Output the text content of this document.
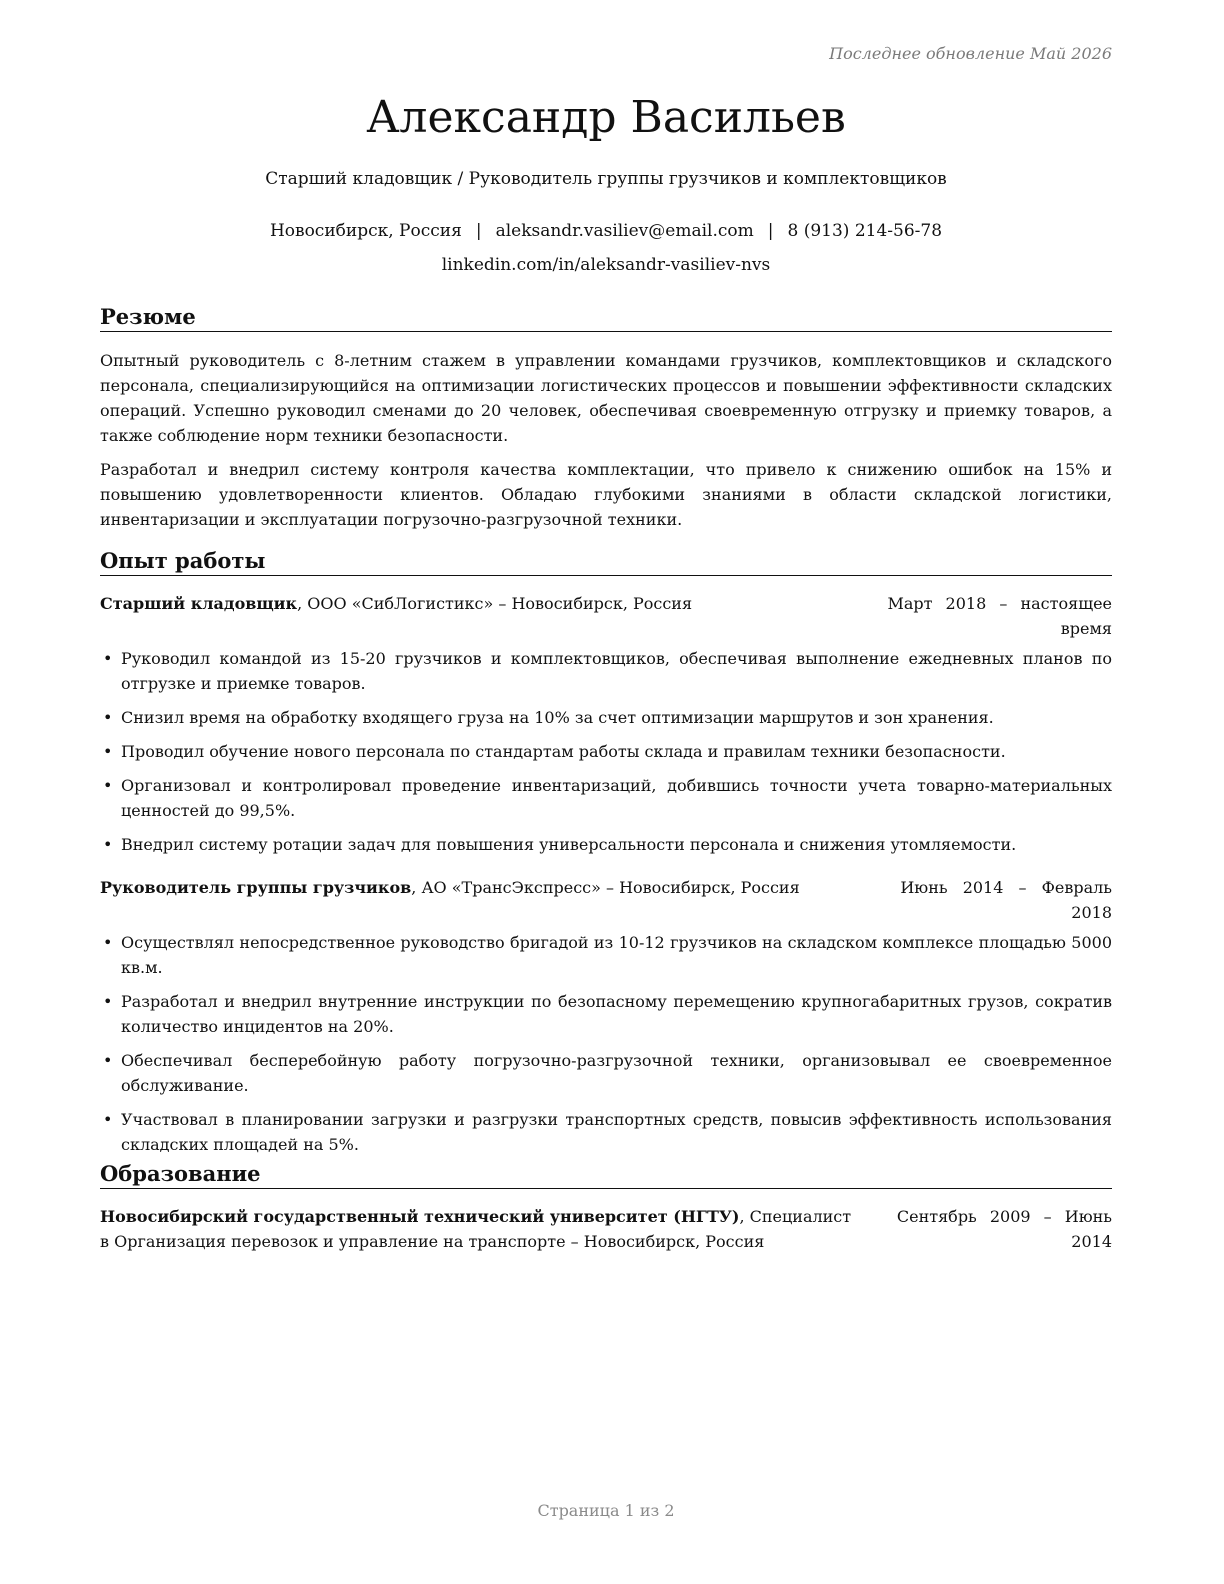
Последнее обновление Май 2026
Александр Васильев
Старший кладовщик / Руководитель группы грузчиков и комплектовщиков
Новосибирск, Россия | aleksandr.vasiliev@email.com | 8 (913) 214-56-78
linkedin.com/in/aleksandr-vasiliev-nvs
Резюме

Опытный руководитель с 8-летним стажем в управлении командами грузчиков, комплектовщиков и складского персонала, специализирующийся на оптимизации логистических процессов и повышении эффективности складских операций. Успешно руководил сменами до 20 человек, обеспечивая своевременную отгрузку и приемку товаров, а также соблюдение норм техники безопасности.

Разработал и внедрил систему контроля качества комплектации, что привело к снижению ошибок на 15% и повышению удовлетворенности клиентов. Обладаю глубокими знаниями в области складской логистики, инвентаризации и эксплуатации погрузочно-разгрузочной техники.

Опыт работы
Старший кладовщик, ООО «СибЛогистикс» – Новосибирск, Россия	Март 2018 – настоящее
время
• Руководил командой из 15-20 грузчиков и комплектовщиков, обеспечивая выполнение ежедневных планов по отгрузке и приемке товаров.
• Снизил время на обработку входящего груза на 10% за счет оптимизации маршрутов и зон хранения.
• Проводил обучение нового персонала по стандартам работы склада и правилам техники безопасности.
• Организовал и контролировал проведение инвентаризаций, добившись точности учета товарно-материальных ценностей до 99,5%.
• Внедрил систему ротации задач для повышения универсальности персонала и снижения утомляемости.
Руководитель группы грузчиков, АО «ТрансЭкспресс» – Новосибирск, Россия	Июнь 2014 – Февраль
2018
• Осуществлял непосредственное руководство бригадой из 10-12 грузчиков на складском комплексе площадью 5000 кв.м.
• Разработал и внедрил внутренние инструкции по безопасному перемещению крупногабаритных грузов, сократив количество инцидентов на 20%.
• Обеспечивал бесперебойную работу погрузочно-разгрузочной техники, организовывал ее своевременное обслуживание.
• Участвовал в планировании загрузки и разгрузки транспортных средств, повысив эффективность использования складских площадей на 5%.
Образование
Новосибирский государственный технический университет (НГТУ), Специалист
в Организация перевозок и управление на транспорте – Новосибирск, Россия
Сентябрь 2009 – Июнь
2014
Страница 1 из 2
